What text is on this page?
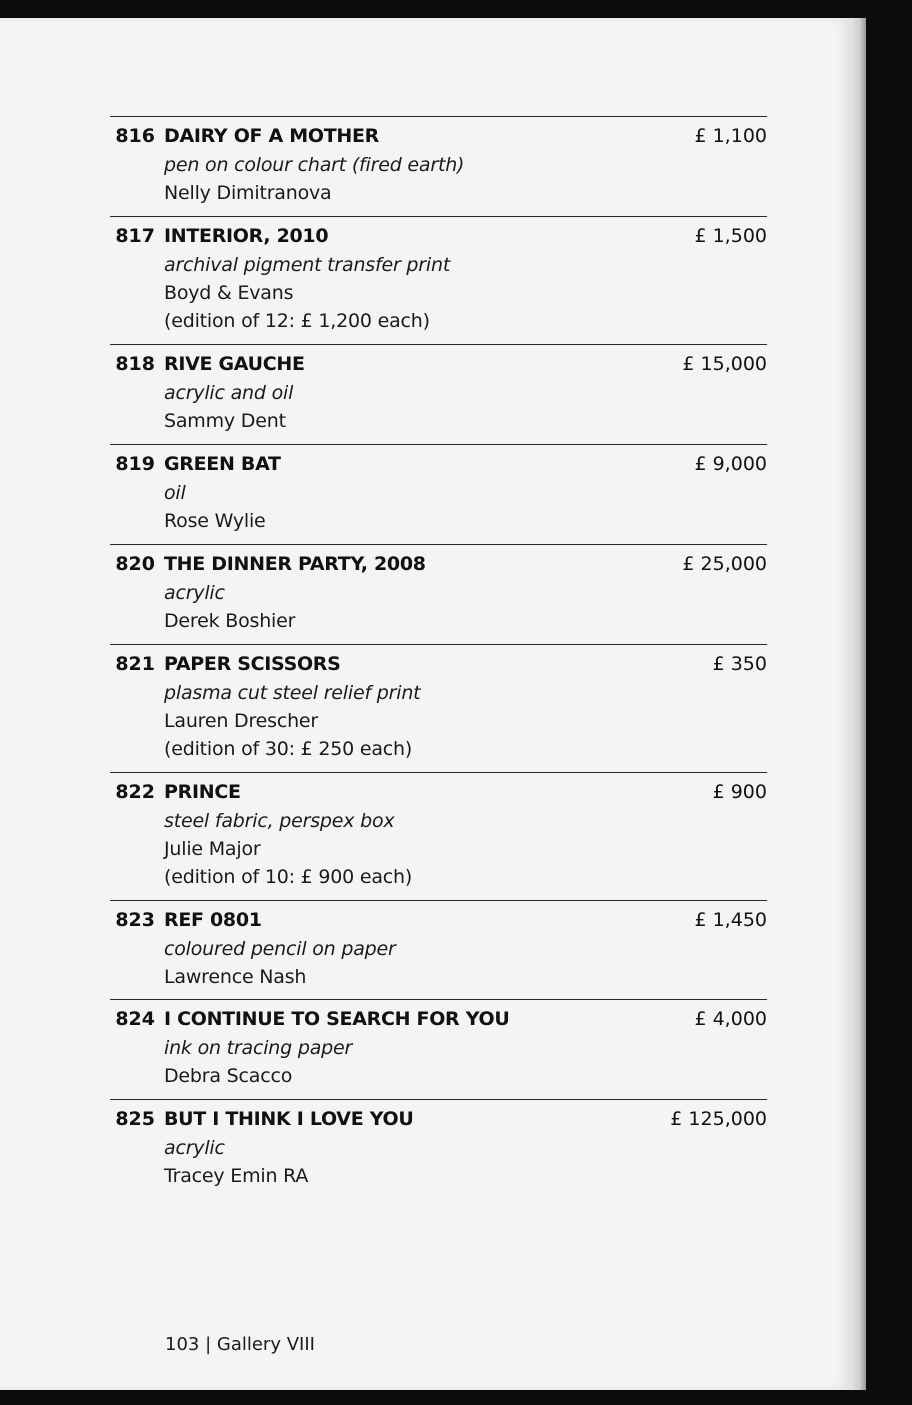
816 DAIRY OF A MOTHER	£ 1,100
pen on colour chart (fired earth)
Nelly Dimitranova
817 INTERIOR, 2010	£ 1,500
archival pigment transfer print
Boyd & Evans
(edition of 12: £ 1,200 each)
818 RIVE GAUCHE	£ 15,000
acrylic and oil
Sammy Dent
819 GREEN BAT	£ 9,000
oil
Rose Wylie
820 THE DINNER PARTY, 2008	£ 25,000
acrylic
Derek Boshier
821 PAPER SCISSORS	£ 350
plasma cut steel relief print
Lauren Drescher
(edition of 30: £ 250 each)
822 PRINCE	£ 900
steel fabric, perspex box
Julie Major
(edition of 10: £ 900 each)
823 REF 0801	£ 1,450
coloured pencil on paper
Lawrence Nash
824 I CONTINUE TO SEARCH FOR YOU	£ 4,000
ink on tracing paper
Debra Scacco
825 BUT I THINK I LOVE YOU	£ 125,000
acrylic
Tracey Emin RA
103 | Gallery VIII
